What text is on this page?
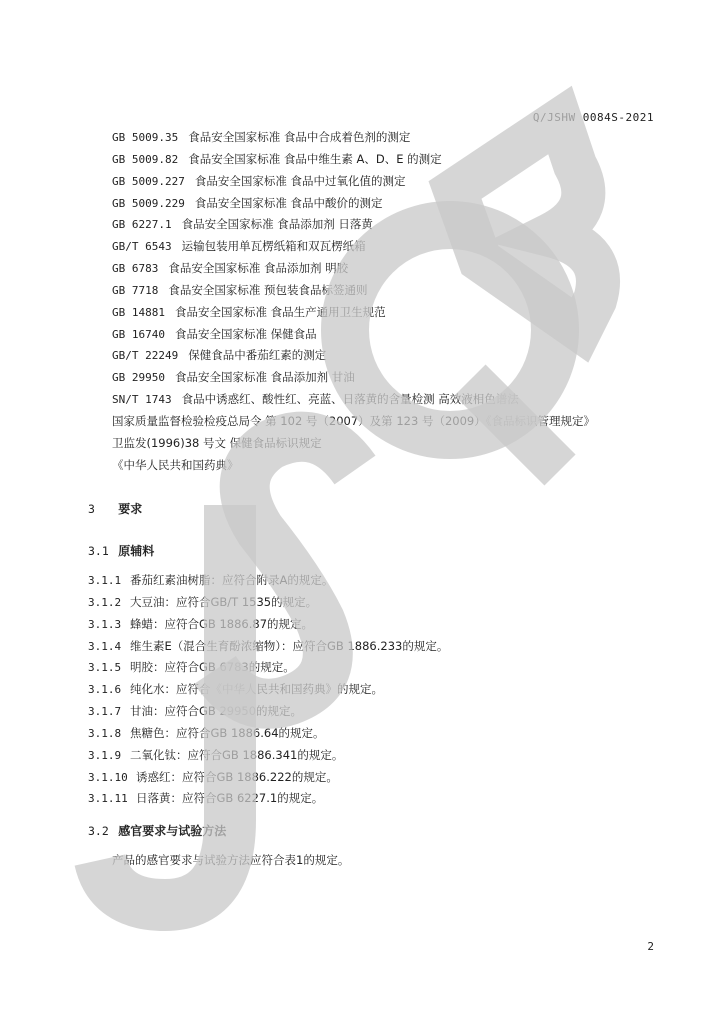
Q/JSHW 0084S-2021
GB 5009.35 食品安全国家标准 食品中合成着色剂的测定
GB 5009.82 食品安全国家标准 食品中维生素 A、D、E 的测定
GB 5009.227 食品安全国家标准 食品中过氧化值的测定
GB 5009.229 食品安全国家标准 食品中酸价的测定
GB 6227.1 食品安全国家标准 食品添加剂 日落黄
GB/T 6543 运输包装用单瓦楞纸箱和双瓦楞纸箱
GB 6783 食品安全国家标准 食品添加剂 明胶
GB 7718 食品安全国家标准 预包装食品标签通则
GB 14881 食品安全国家标准 食品生产通用卫生规范
GB 16740 食品安全国家标准 保健食品
GB/T 22249 保健食品中番茄红素的测定
GB 29950 食品安全国家标准 食品添加剂 甘油
SN/T 1743 食品中诱惑红、酸性红、亮蓝、日落黄的含量检测 高效液相色谱法
国家质量监督检验检疫总局令 第 102 号（2007）及第 123 号（2009）《食品标识管理规定》
卫监发(1996)38 号文 保健食品标识规定
《中华人民共和国药典》
3 要求
3.1 原辅料
3.1.1 番茄红素油树脂：应符合附录A的规定。
3.1.2 大豆油：应符合GB/T 1535的规定。
3.1.3 蜂蜡：应符合GB 1886.87的规定。
3.1.4 维生素E（混合生育酚浓缩物）：应符合GB 1886.233的规定。
3.1.5 明胶：应符合GB 6783的规定。
3.1.6 纯化水：应符合《中华人民共和国药典》的规定。
3.1.7 甘油：应符合GB 29950的规定。
3.1.8 焦糖色：应符合GB 1886.64的规定。
3.1.9 二氧化钛：应符合GB 1886.341的规定。
3.1.10 诱惑红：应符合GB 1886.222的规定。
3.1.11 日落黄：应符合GB 6227.1的规定。
3.2 感官要求与试验方法
产品的感官要求与试验方法应符合表1的规定。
2
